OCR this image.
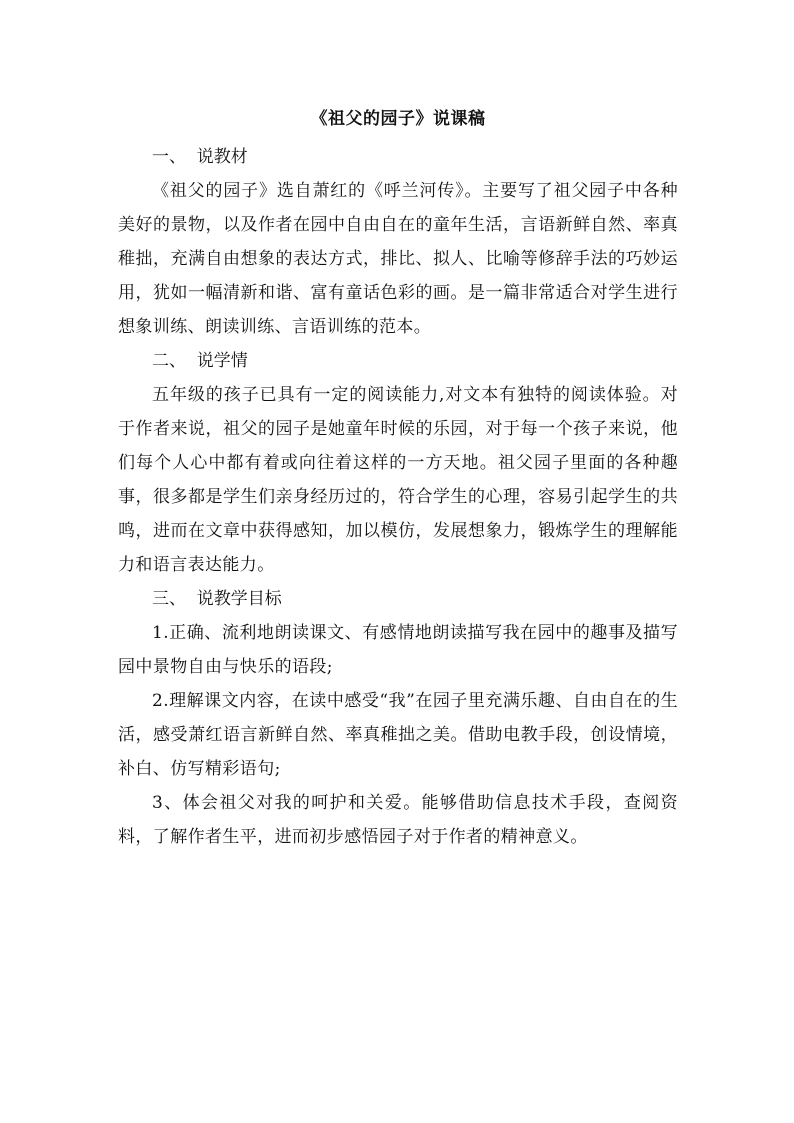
《祖父的园子》说课稿
一、  说教材

《祖父的园子》选自萧红的《呼兰河传》。主要写了祖父园子中各种美好的景物，以及作者在园中自由自在的童年生活，言语新鲜自然、率真稚拙，充满自由想象的表达方式，排比、拟人、比喻等修辞手法的巧妙运用，犹如一幅清新和谐、富有童话色彩的画。是一篇非常适合对学生进行想象训练、朗读训练、言语训练的范本。

二、  说学情

五年级的孩子已具有一定的阅读能力,对文本有独特的阅读体验。对于作者来说，祖父的园子是她童年时候的乐园，对于每一个孩子来说，他们每个人心中都有着或向往着这样的一方天地。祖父园子里面的各种趣事，很多都是学生们亲身经历过的，符合学生的心理，容易引起学生的共鸣，进而在文章中获得感知，加以模仿，发展想象力，锻炼学生的理解能力和语言表达能力。

三、  说教学目标

1.正确、流利地朗读课文、有感情地朗读描写我在园中的趣事及描写园中景物自由与快乐的语段;

2.理解课文内容，在读中感受“我”在园子里充满乐趣、自由自在的生活，感受萧红语言新鲜自然、率真稚拙之美。借助电教手段，创设情境，补白、仿写精彩语句;

3、体会祖父对我的呵护和关爱。能够借助信息技术手段，查阅资料，了解作者生平，进而初步感悟园子对于作者的精神意义。
